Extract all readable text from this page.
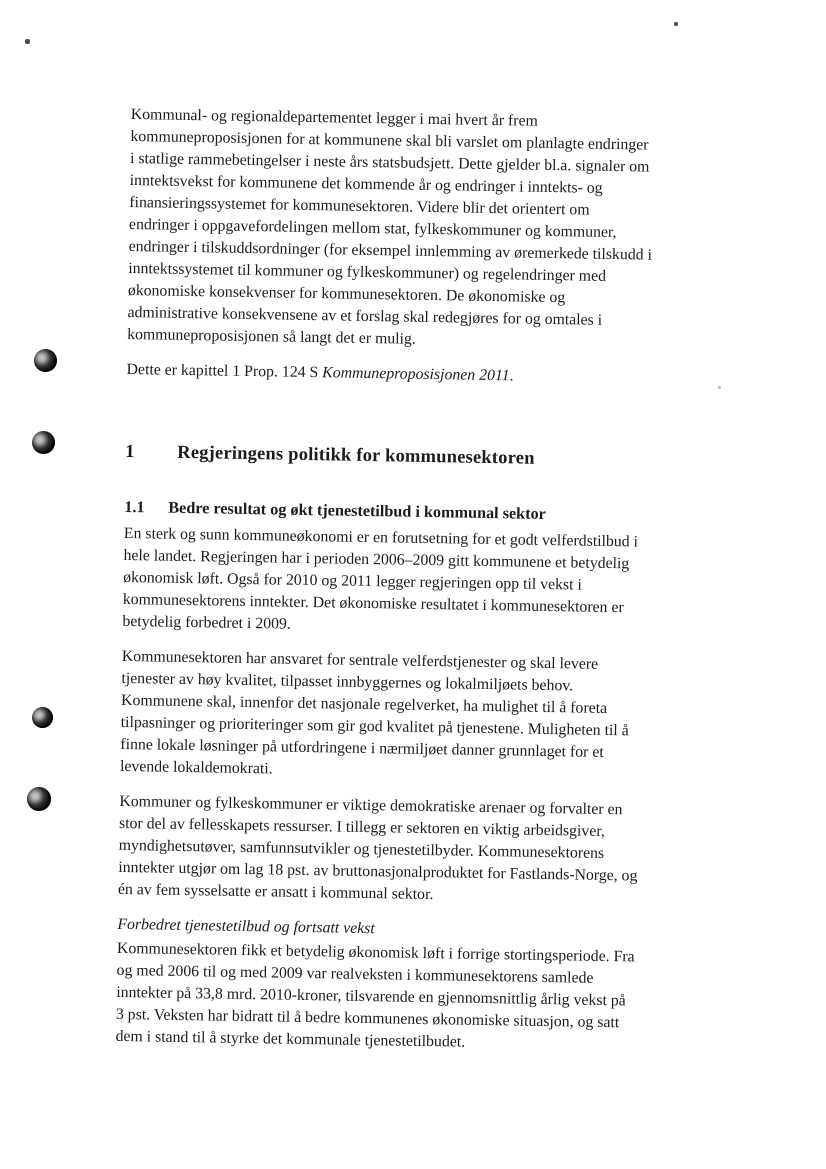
Kommunal- og regionaldepartementet legger i mai hvert år frem
kommuneproposisjonen for at kommunene skal bli varslet om planlagte endringer
i statlige rammebetingelser i neste års statsbudsjett. Dette gjelder bl.a. signaler om
inntektsvekst for kommunene det kommende år og endringer i inntekts- og
finansieringssystemet for kommunesektoren. Videre blir det orientert om
endringer i oppgavefordelingen mellom stat, fylkeskommuner og kommuner,
endringer i tilskuddsordninger (for eksempel innlemming av øremerkede tilskudd i
inntektssystemet til kommuner og fylkeskommuner) og regelendringer med
økonomiske konsekvenser for kommunesektoren. De økonomiske og
administrative konsekvensene av et forslag skal redegjøres for og omtales i
kommuneproposisjonen så langt det er mulig.

Dette er kapittel 1 Prop. 124 S Kommuneproposisjonen 2011.

1 Regjeringens politikk for kommunesektoren
1.1 Bedre resultat og økt tjenestetilbud i kommunal sektor

En sterk og sunn kommuneøkonomi er en forutsetning for et godt velferdstilbud i
hele landet. Regjeringen har i perioden 2006–2009 gitt kommunene et betydelig
økonomisk løft. Også for 2010 og 2011 legger regjeringen opp til vekst i
kommunesektorens inntekter. Det økonomiske resultatet i kommunesektoren er
betydelig forbedret i 2009.

Kommunesektoren har ansvaret for sentrale velferdstjenester og skal levere
tjenester av høy kvalitet, tilpasset innbyggernes og lokalmiljøets behov.
Kommunene skal, innenfor det nasjonale regelverket, ha mulighet til å foreta
tilpasninger og prioriteringer som gir god kvalitet på tjenestene. Muligheten til å
finne lokale løsninger på utfordringene i nærmiljøet danner grunnlaget for et
levende lokaldemokrati.

Kommuner og fylkeskommuner er viktige demokratiske arenaer og forvalter en
stor del av fellesskapets ressurser. I tillegg er sektoren en viktig arbeidsgiver,
myndighetsutøver, samfunnsutvikler og tjenestetilbyder. Kommunesektorens
inntekter utgjør om lag 18 pst. av bruttonasjonalproduktet for Fastlands-Norge, og
én av fem sysselsatte er ansatt i kommunal sektor.

Forbedret tjenestetilbud og fortsatt vekst

Kommunesektoren fikk et betydelig økonomisk løft i forrige stortingsperiode. Fra
og med 2006 til og med 2009 var realveksten i kommunesektorens samlede
inntekter på 33,8 mrd. 2010-kroner, tilsvarende en gjennomsnittlig årlig vekst på
3 pst. Veksten har bidratt til å bedre kommunenes økonomiske situasjon, og satt
dem i stand til å styrke det kommunale tjenestetilbudet.
